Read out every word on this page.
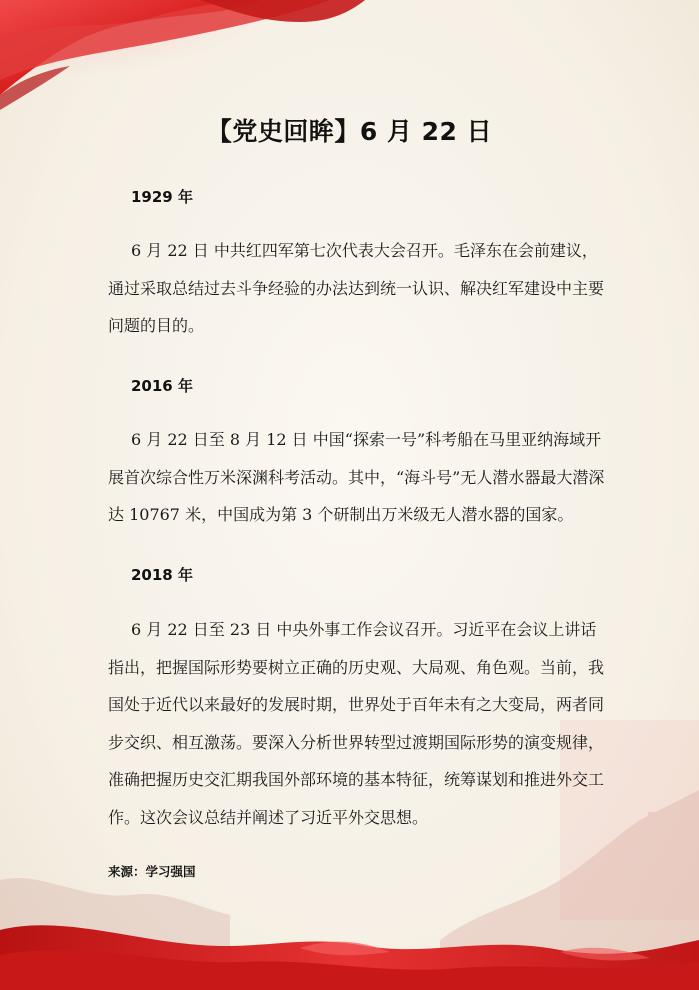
【党史回眸】6 月 22 日
1929 年
6 月 22 日 中共红四军第七次代表大会召开。毛泽东在会前建议，通过采取总结过去斗争经验的办法达到统一认识、解决红军建设中主要问题的目的。
2016 年
6 月 22 日至 8 月 12 日 中国“探索一号”科考船在马里亚纳海域开展首次综合性万米深渊科考活动。其中，“海斗号”无人潜水器最大潜深达 10767 米，中国成为第 3 个研制出万米级无人潜水器的国家。
2018 年
6 月 22 日至 23 日 中央外事工作会议召开。习近平在会议上讲话指出，把握国际形势要树立正确的历史观、大局观、角色观。当前，我国处于近代以来最好的发展时期，世界处于百年未有之大变局，两者同步交织、相互激荡。要深入分析世界转型过渡期国际形势的演变规律，准确把握历史交汇期我国外部环境的基本特征，统筹谋划和推进外交工作。这次会议总结并阐述了习近平外交思想。
来源：学习强国
